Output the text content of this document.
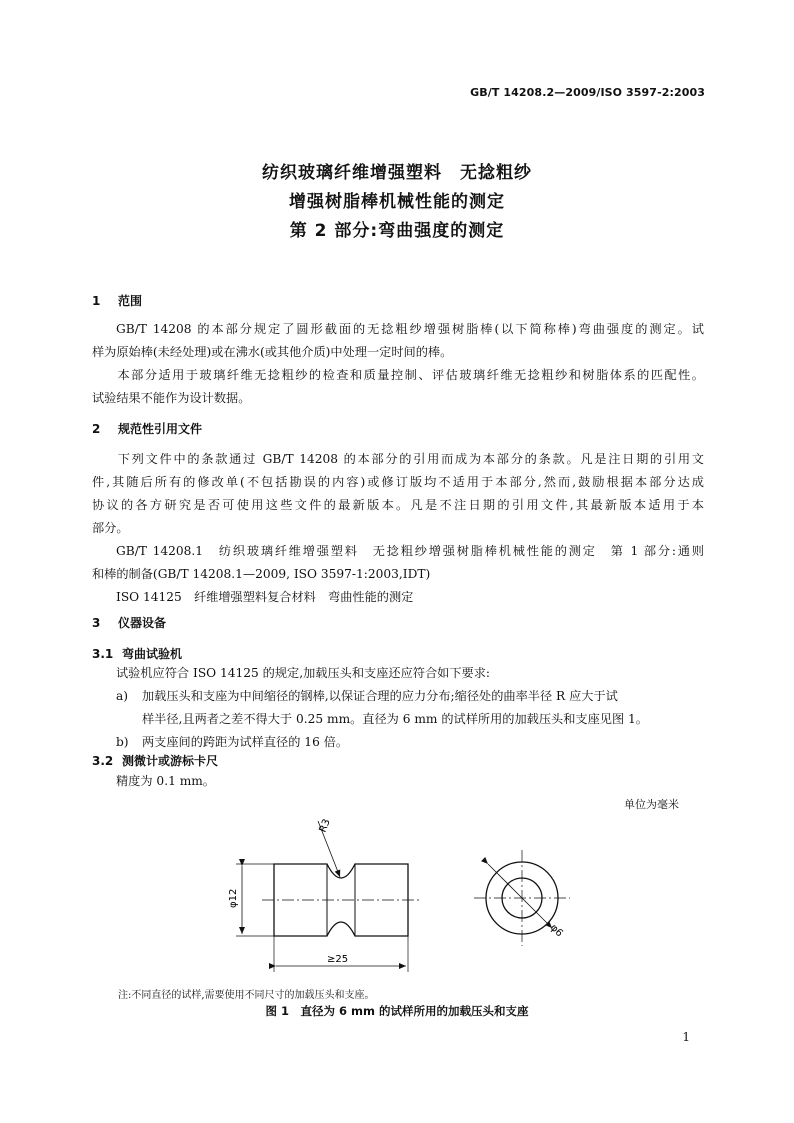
GB/T 14208.2—2009/ISO 3597-2:2003
纺织玻璃纤维增强塑料　无捻粗纱
增强树脂棒机械性能的测定
第 2 部分:弯曲强度的测定
1 范围
GB/T 14208 的本部分规定了圆形截面的无捻粗纱增强树脂棒(以下简称棒)弯曲强度的测定。试
样为原始棒(未经处理)或在沸水(或其他介质)中处理一定时间的棒。
本部分适用于玻璃纤维无捻粗纱的检查和质量控制、评估玻璃纤维无捻粗纱和树脂体系的匹配性。
试验结果不能作为设计数据。
2 规范性引用文件
下列文件中的条款通过 GB/T 14208 的本部分的引用而成为本部分的条款。凡是注日期的引用文
件,其随后所有的修改单(不包括勘误的内容)或修订版均不适用于本部分,然而,鼓励根据本部分达成
协议的各方研究是否可使用这些文件的最新版本。凡是不注日期的引用文件,其最新版本适用于本
部分。
GB/T 14208.1　纺织玻璃纤维增强塑料　无捻粗纱增强树脂棒机械性能的测定　第 1 部分:通则
和棒的制备(GB/T 14208.1—2009, ISO 3597-1:2003,IDT)
ISO 14125　纤维增强塑料复合材料　弯曲性能的测定
3 仪器设备
3.1 弯曲试验机
试验机应符合 ISO 14125 的规定,加载压头和支座还应符合如下要求:
a) 加载压头和支座为中间缩径的钢棒,以保证合理的应力分布;缩径处的曲率半径 R 应大于试
样半径,且两者之差不得大于 0.25 mm。直径为 6 mm 的试样所用的加载压头和支座见图 1。
b) 两支座间的跨距为试样直径的 16 倍。
3.2 测微计或游标卡尺
精度为 0.1 mm。
单位为毫米
R3
φ12
≥25
φ6
注:不同直径的试样,需要使用不同尺寸的加载压头和支座。
图 1　直径为 6 mm 的试样所用的加载压头和支座
1
